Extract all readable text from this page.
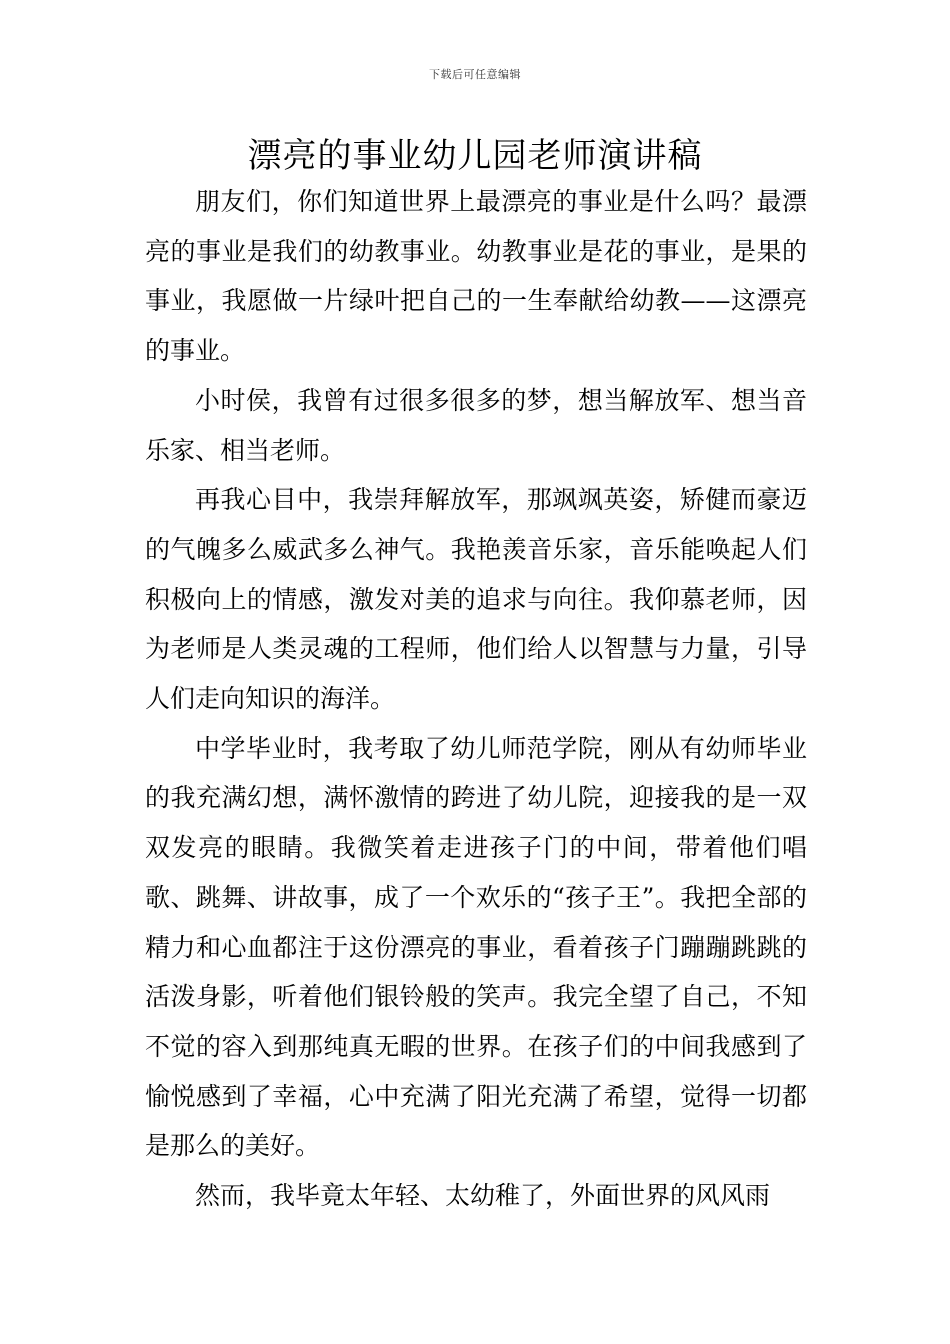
下载后可任意编辑
漂亮的事业幼儿园老师演讲稿

朋友们，你们知道世界上最漂亮的事业是什么吗？最漂亮的事业是我们的幼教事业。幼教事业是花的事业，是果的事业，我愿做一片绿叶把自己的一生奉献给幼教——这漂亮的事业。

小时侯，我曾有过很多很多的梦，想当解放军、想当音乐家、相当老师。

再我心目中，我崇拜解放军，那飒飒英姿，矫健而豪迈的气魄多么威武多么神气。我艳羡音乐家，音乐能唤起人们积极向上的情感，激发对美的追求与向往。我仰慕老师，因为老师是人类灵魂的工程师，他们给人以智慧与力量，引导人们走向知识的海洋。

中学毕业时，我考取了幼儿师范学院，刚从有幼师毕业的我充满幻想，满怀激情的跨进了幼儿院，迎接我的是一双双发亮的眼睛。我微笑着走进孩子门的中间，带着他们唱歌、跳舞、讲故事，成了一个欢乐的“孩子王”。我把全部的精力和心血都注于这份漂亮的事业，看着孩子门蹦蹦跳跳的活泼身影，听着他们银铃般的笑声。我完全望了自己，不知不觉的容入到那纯真无暇的世界。在孩子们的中间我感到了愉悦感到了幸福，心中充满了阳光充满了希望，觉得一切都是那么的美好。

然而，我毕竟太年轻、太幼稚了，外面世界的风风雨
